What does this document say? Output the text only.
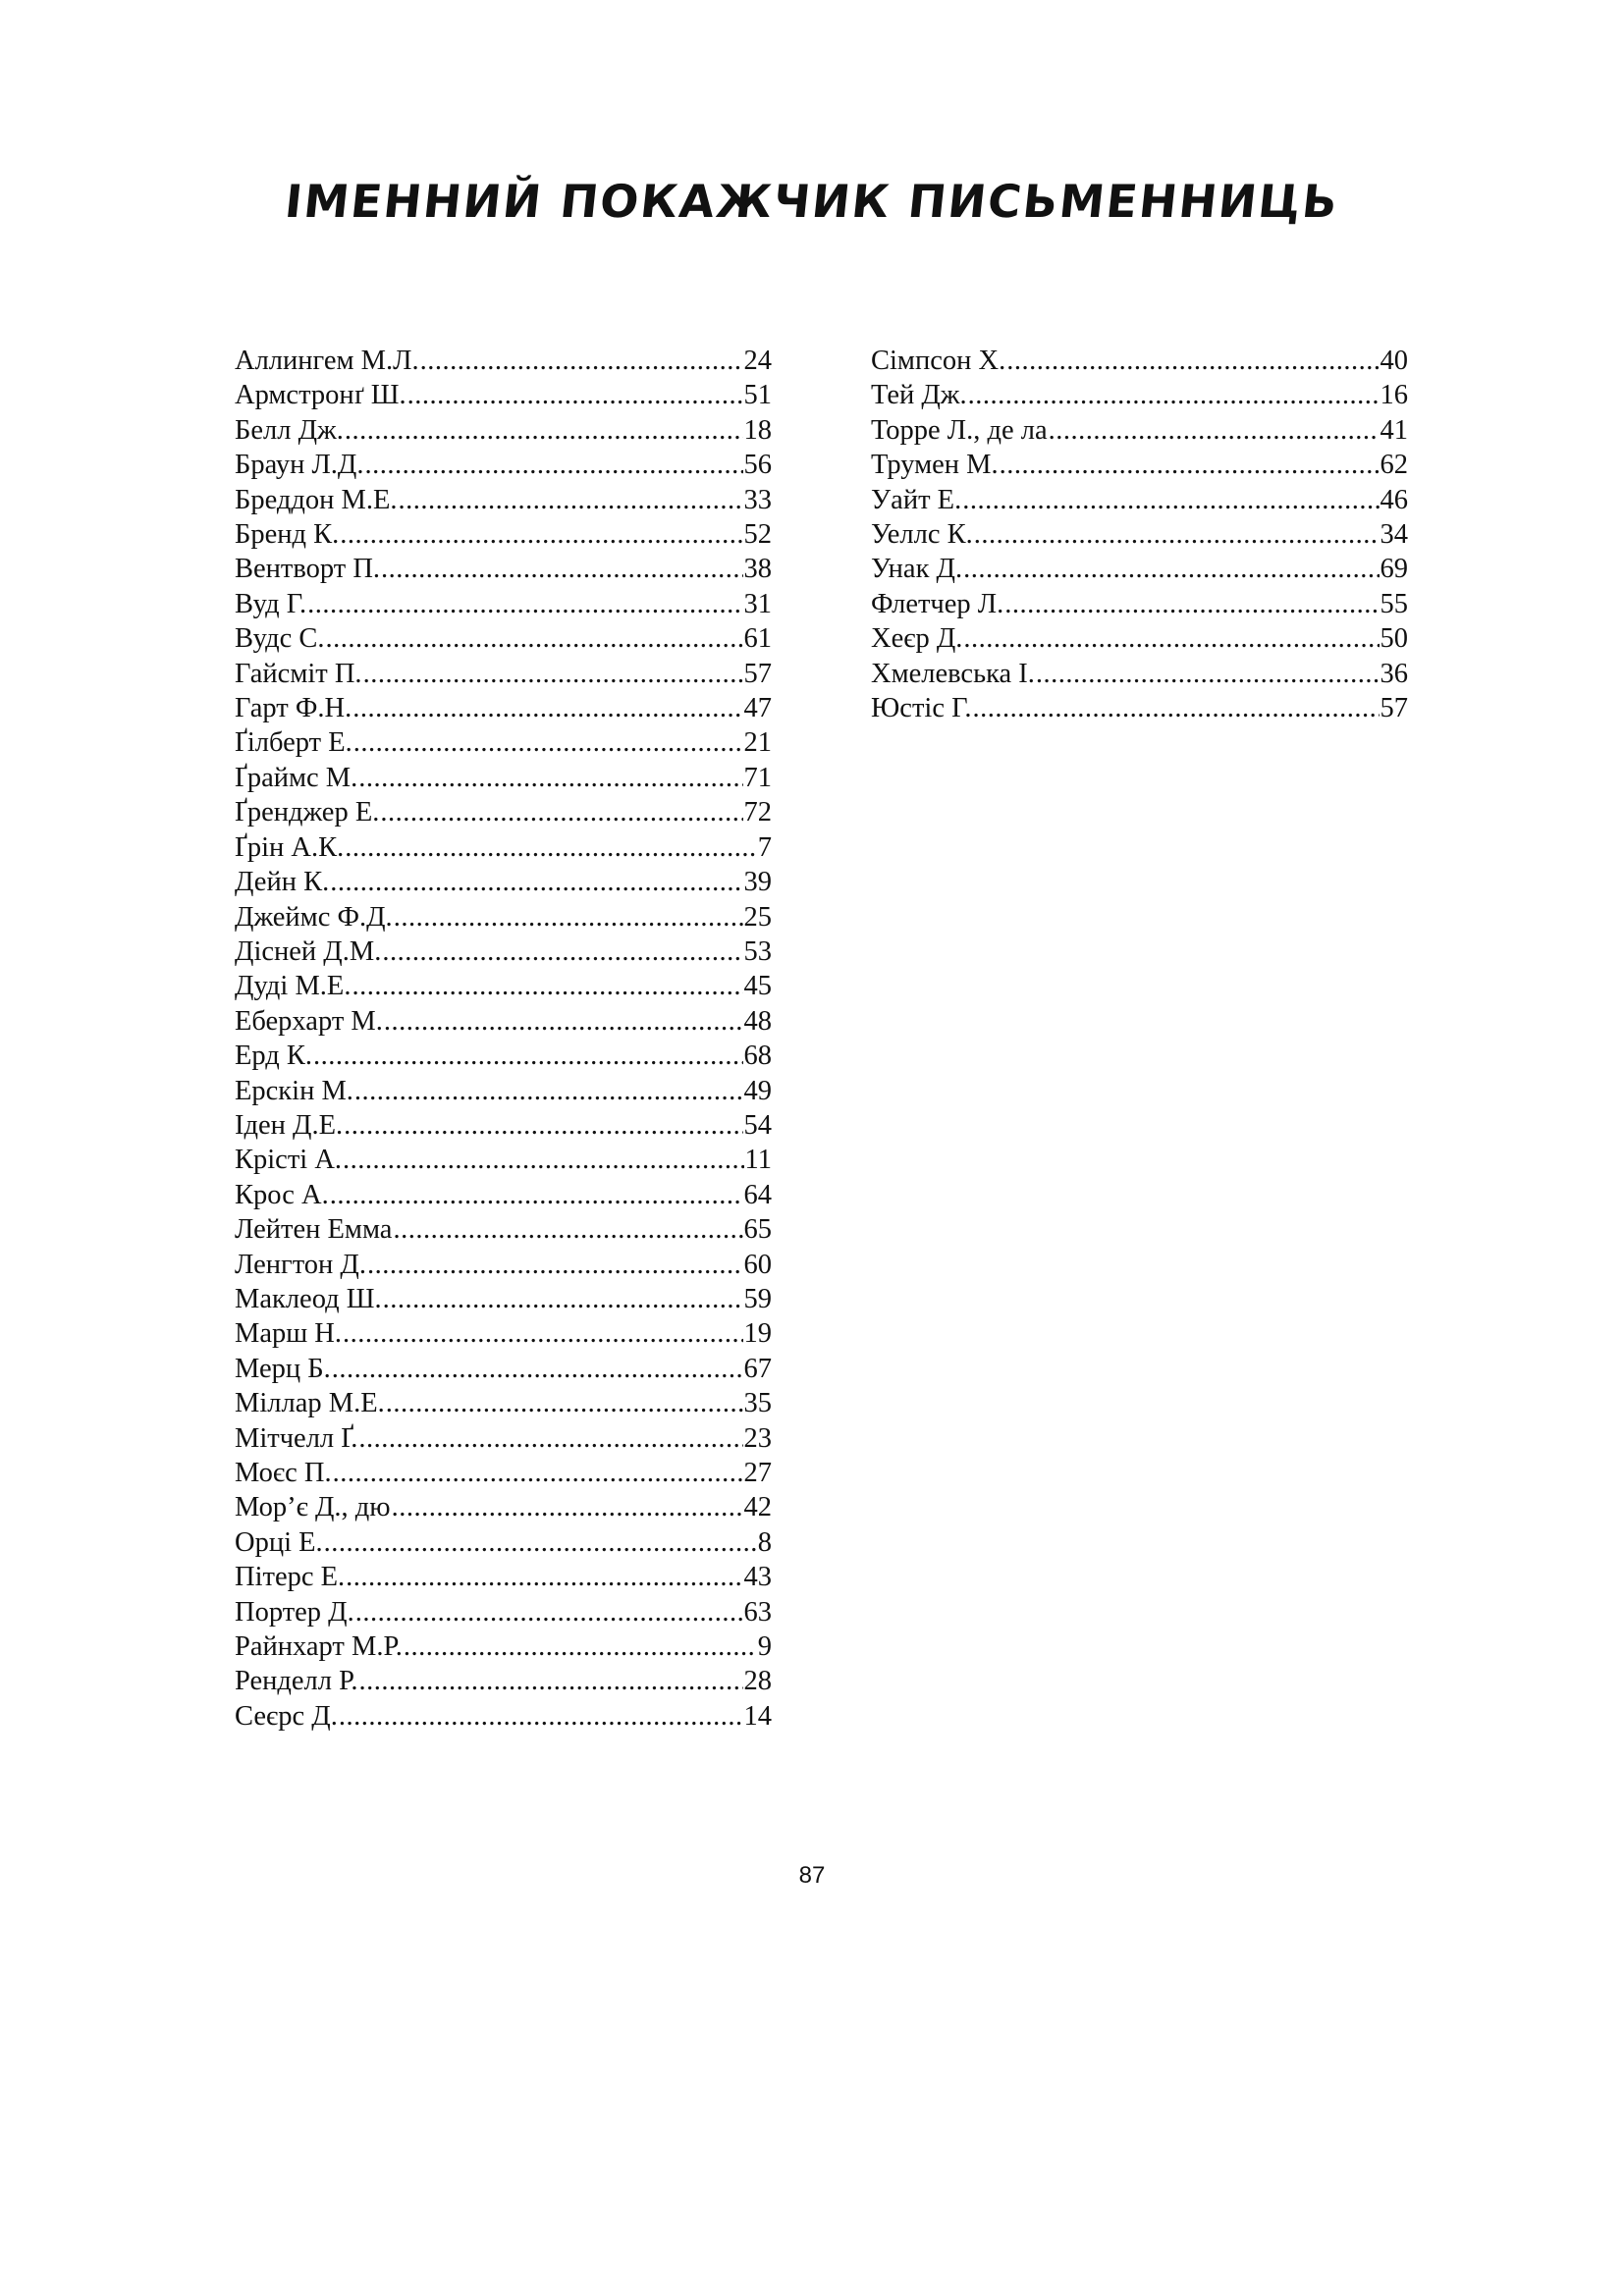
ІМЕННИЙ ПОКАЖЧИК ПИСЬМЕННИЦЬ
Аллингем М.Л. .....	24
Армстронґ Ш. .....	51
Белл Дж. .....	18
Браун Л.Д. .....	56
Бреддон М.Е. .....	33
Бренд К. .....	52
Вентворт П. .....	38
Вуд Г. .....	31
Вудс С. .....	61
Гайсміт П. .....	57
Гарт Ф.Н. .....	47
Ґілберт Е. .....	21
Ґраймс М. .....	71
Ґренджер Е. .....	72
Ґрін А.К. .....	7
Дейн К. .....	39
Джеймс Ф.Д. .....	25
Дісней Д.М. .....	53
Дуді М.Е. .....	45
Еберхарт М. .....	48
Ерд К. .....	68
Ерскін М. .....	49
Іден Д.Е. .....	54
Крісті А. .....	11
Крос А. .....	64
Лейтен Емма .....	65
Ленгтон Д. .....	60
Маклеод Ш. .....	59
Марш Н. .....	19
Мерц Б. .....	67
Міллар М.Е. .....	35
Мітчелл Ґ. .....	23
Моєс П. .....	27
Мор’є Д., дю .....	42
Орці Е. .....	8
Пітерс Е. .....	43
Портер Д. .....	63
Райнхарт М.Р. .....	9
Ренделл Р. .....	28
Сеєрс Д. .....	14
Сімпсон Х. .....	40
Тей Дж. .....	16
Торре Л., де ла .....	41
Трумен М. .....	62
Уайт Е. .....	46
Уеллс К. .....	34
Унак Д. .....	69
Флетчер Л. .....	55
Хеєр Д. .....	50
Хмелевська І. .....	36
Юстіс Г. .....	57
87
